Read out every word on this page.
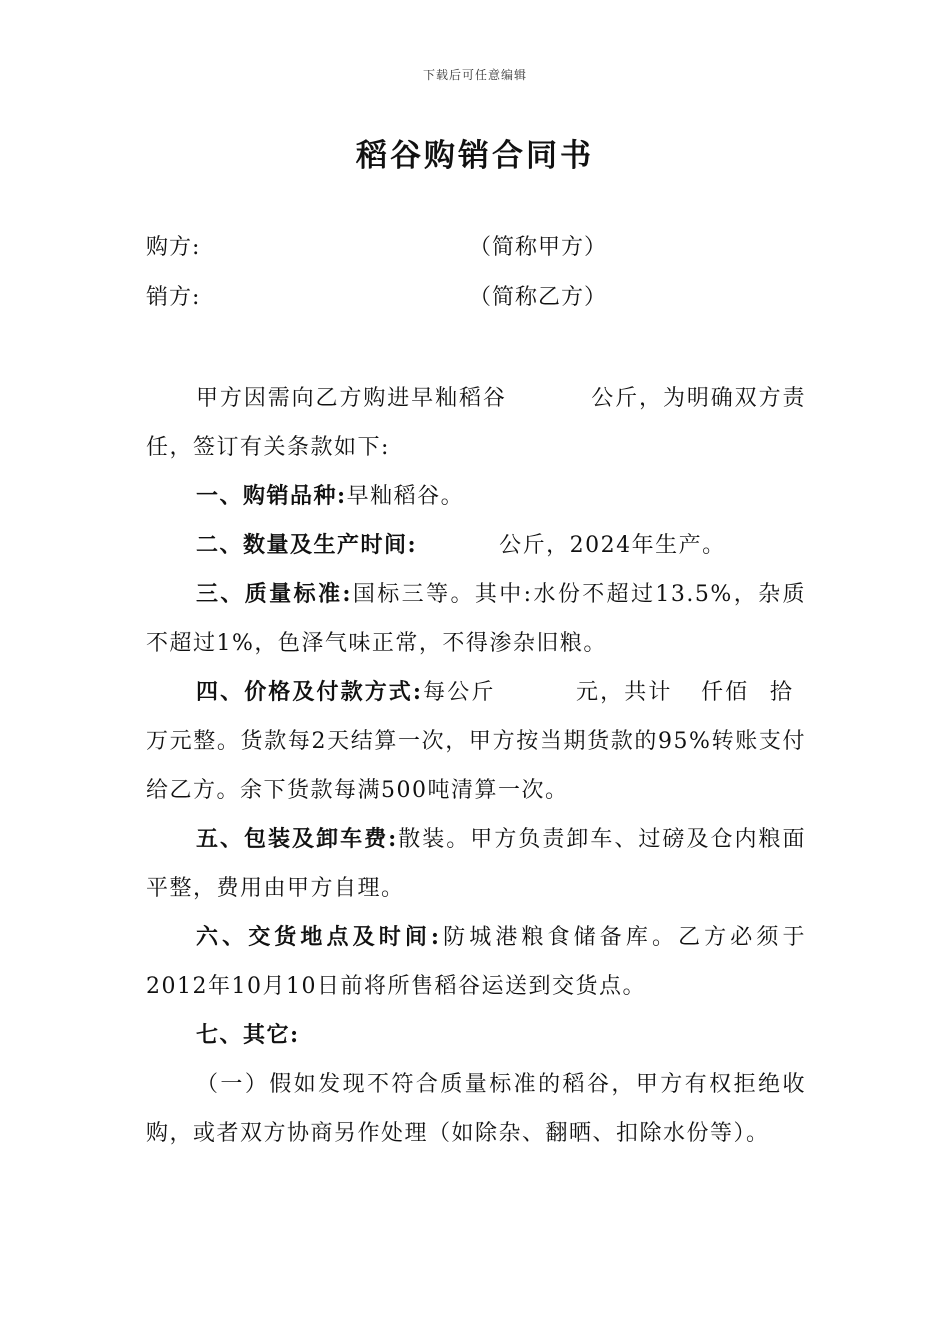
下载后可任意编辑
稻谷购销合同书
购方:	（简称甲方）
销方:	（简称乙方）

甲方因需向乙方购进早籼稻谷	公斤，为明确双方责任，签订有关条款如下:

一、购销品种:早籼稻谷。

二、数量及生产时间:	公斤，2024年生产。

三、质量标准:国标三等。其中:水份不超过13.5%，杂质不超过1%，色泽气味正常，不得渗杂旧粮。

四、价格及付款方式:每公斤	元，共计 仟佰 拾万元整。货款每2天结算一次，甲方按当期货款的95%转账支付给乙方。余下货款每满500吨清算一次。

五、包装及卸车费:散装。甲方负责卸车、过磅及仓内粮面平整，费用由甲方自理。

六、交货地点及时间:防城港粮食储备库。乙方必须于2012年10月10日前将所售稻谷运送到交货点。

七、其它:

（一）假如发现不符合质量标准的稻谷，甲方有权拒绝收购，或者双方协商另作处理（如除杂、翻晒、扣除水份等）。
